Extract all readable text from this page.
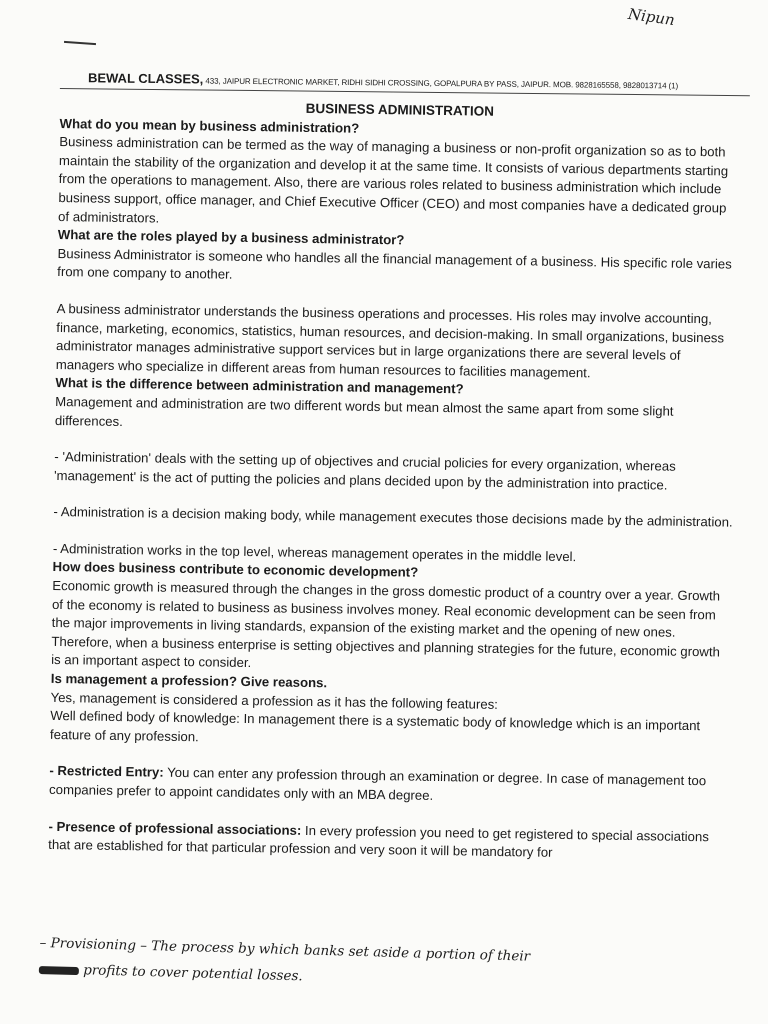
Nipun
BEWAL CLASSES, 433, JAIPUR ELECTRONIC MARKET, RIDHI SIDHI CROSSING, GOPALPURA BY PASS, JAIPUR. MOB. 9828165558, 9828013714 (1)
BUSINESS ADMINISTRATION

What do you mean by business administration?

Business administration can be termed as the way of managing a business or non-profit organization so as to both maintain the stability of the organization and develop it at the same time. It consists of various departments starting from the operations to management. Also, there are various roles related to business administration which include business support, office manager, and Chief Executive Officer (CEO) and most companies have a dedicated group of administrators.

What are the roles played by a business administrator?

Business Administrator is someone who handles all the financial management of a business. His specific role varies from one company to another.

A business administrator understands the business operations and processes. His roles may involve accounting, finance, marketing, economics, statistics, human resources, and decision-making. In small organizations, business administrator manages administrative support services but in large organizations there are several levels of managers who specialize in different areas from human resources to facilities management.

What is the difference between administration and management?

Management and administration are two different words but mean almost the same apart from some slight differences.

- 'Administration' deals with the setting up of objectives and crucial policies for every organization, whereas 'management' is the act of putting the policies and plans decided upon by the administration into practice.

- Administration is a decision making body, while management executes those decisions made by the administration.

- Administration works in the top level, whereas management operates in the middle level.

How does business contribute to economic development?

Economic growth is measured through the changes in the gross domestic product of a country over a year. Growth of the economy is related to business as business involves money. Real economic development can be seen from the major improvements in living standards, expansion of the existing market and the opening of new ones. Therefore, when a business enterprise is setting objectives and planning strategies for the future, economic growth is an important aspect to consider.

Is management a profession? Give reasons.

Yes, management is considered a profession as it has the following features:

Well defined body of knowledge: In management there is a systematic body of knowledge which is an important feature of any profession.

- Restricted Entry: You can enter any profession through an examination or degree. In case of management too companies prefer to appoint candidates only with an MBA degree.

- Presence of professional associations: In every profession you need to get registered to special associations that are established for that particular profession and very soon it will be mandatory for

– Provisioning – The process by which banks set aside a portion of their
profits to cover potential losses.
